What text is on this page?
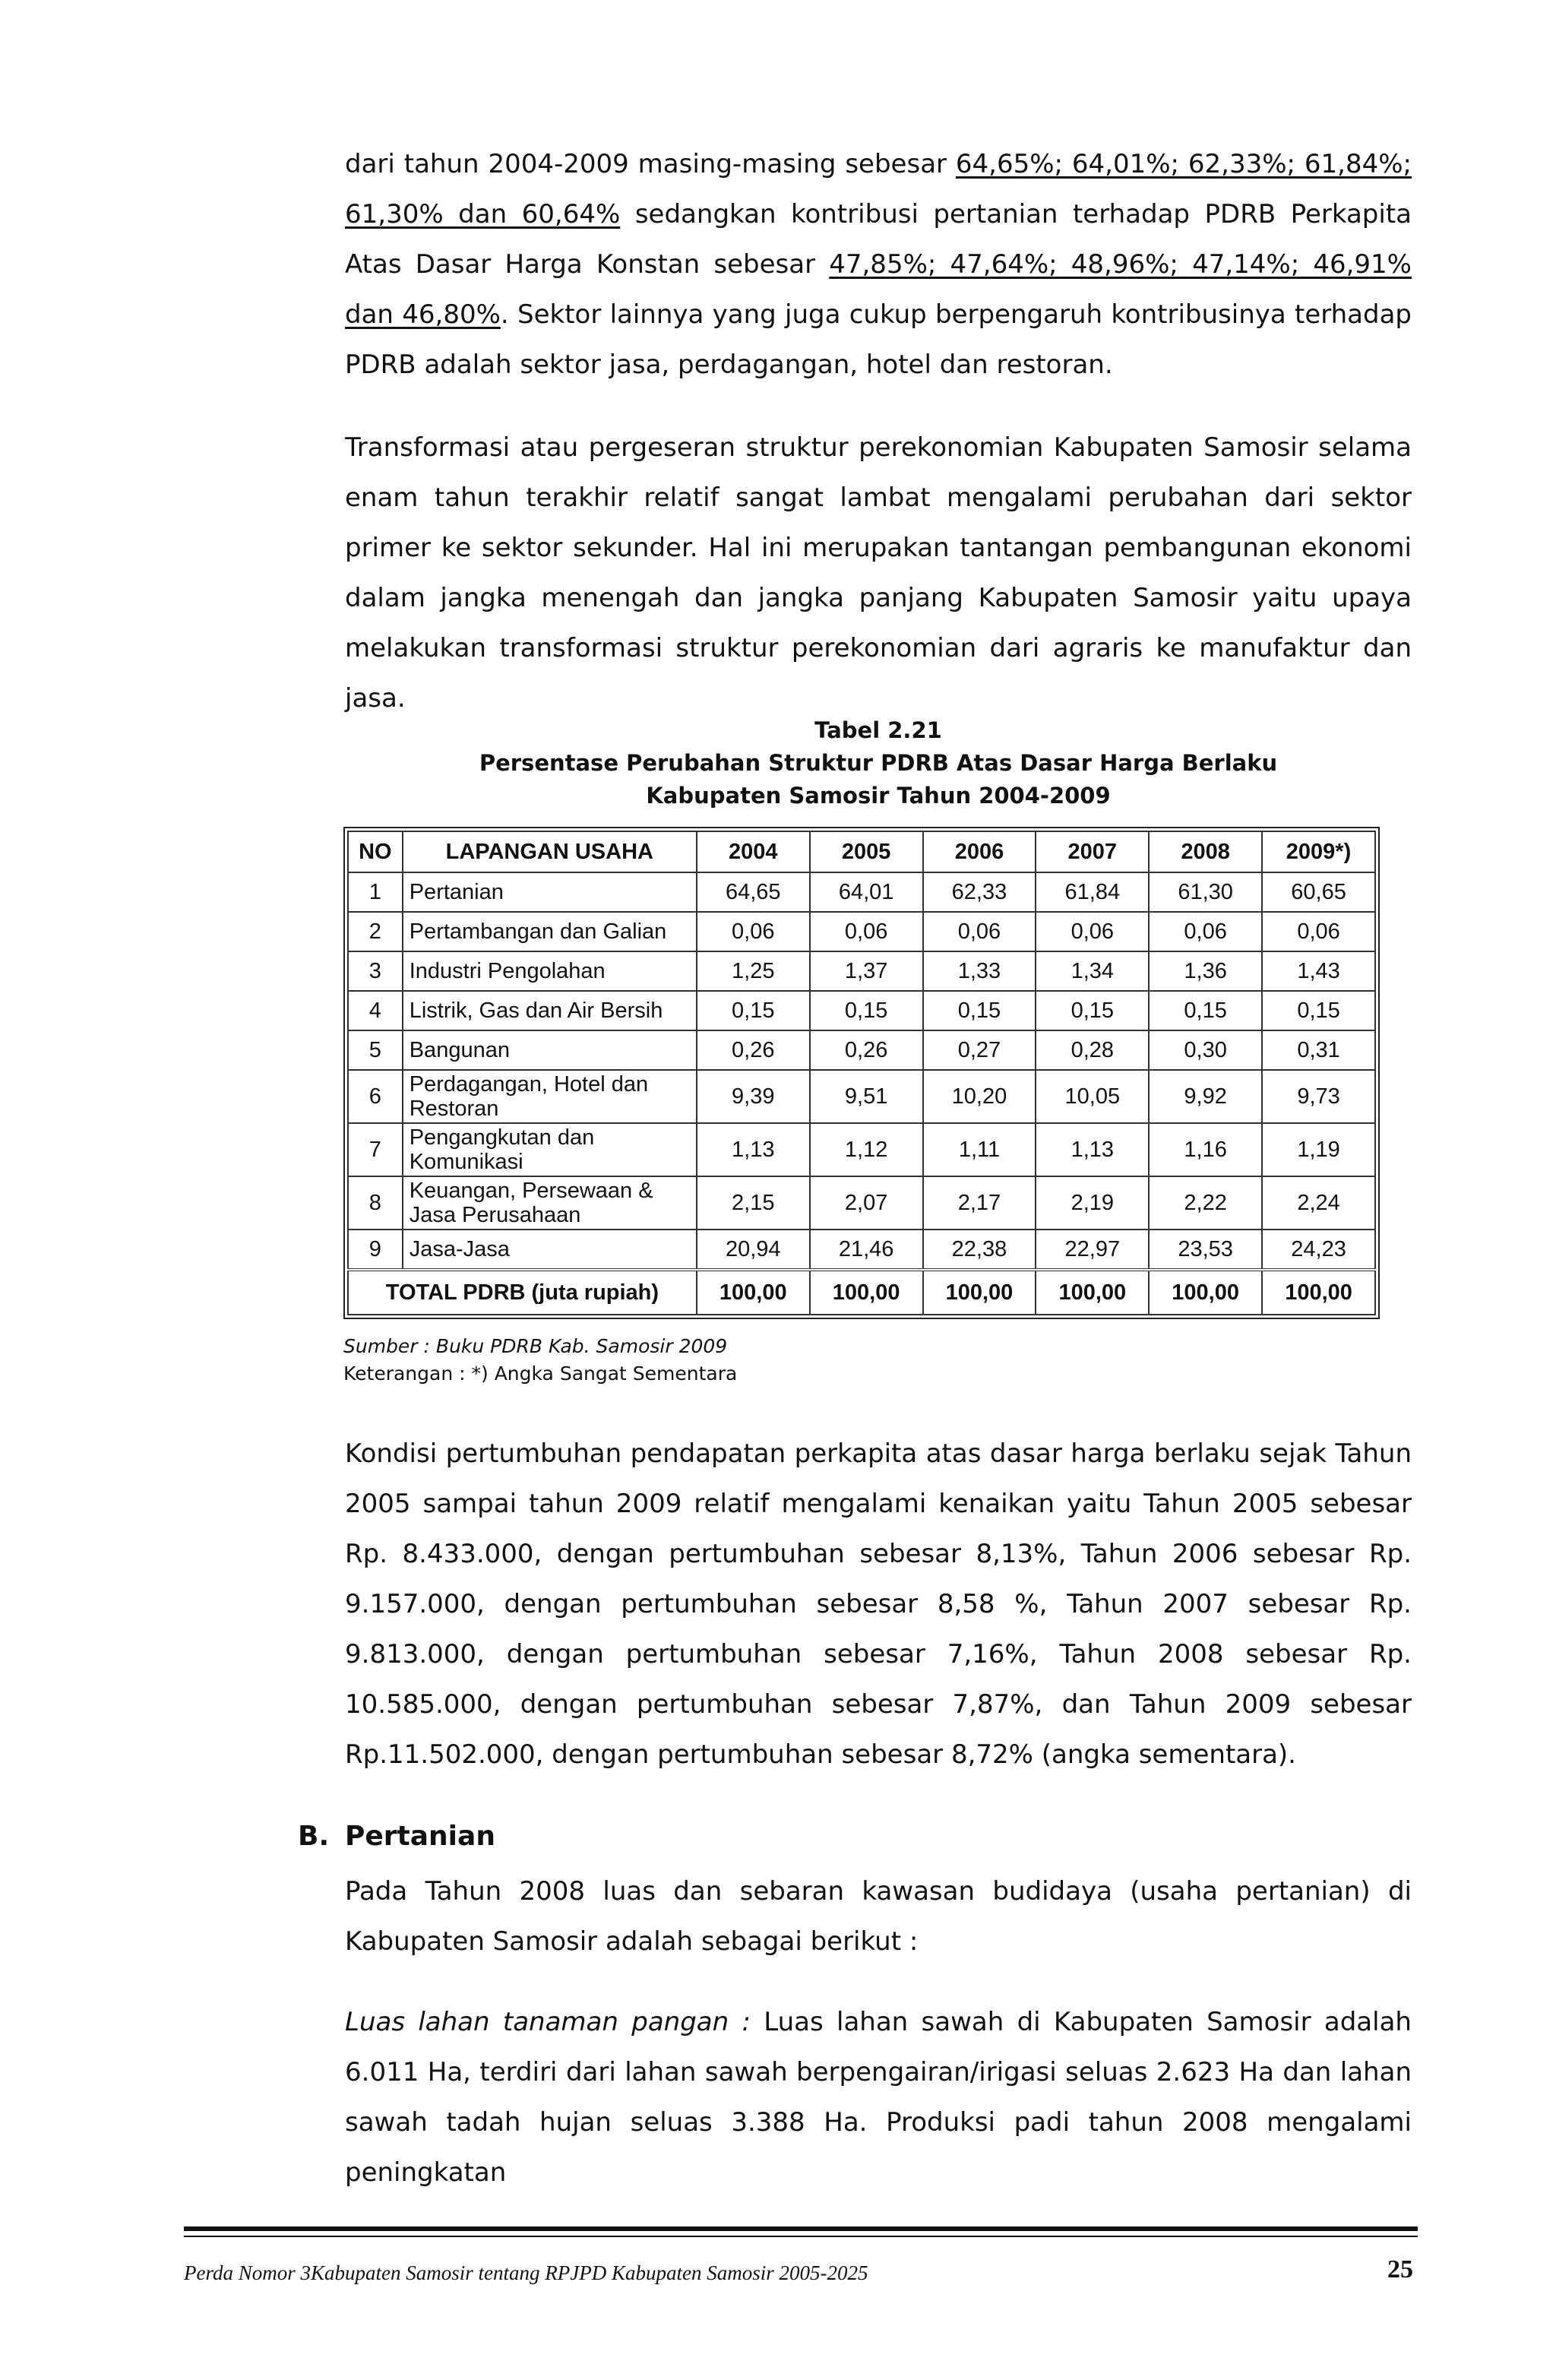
dari tahun 2004-2009 masing-masing sebesar 64,65%; 64,01%; 62,33%; 61,84%; 61,30% dan 60,64% sedangkan kontribusi pertanian terhadap PDRB Perkapita Atas Dasar Harga Konstan sebesar 47,85%; 47,64%; 48,96%; 47,14%; 46,91% dan 46,80%. Sektor lainnya yang juga cukup berpengaruh kontribusinya terhadap PDRB adalah sektor jasa, perdagangan, hotel dan restoran.

Transformasi atau pergeseran struktur perekonomian Kabupaten Samosir selama enam tahun terakhir relatif sangat lambat mengalami perubahan dari sektor primer ke sektor sekunder. Hal ini merupakan tantangan pembangunan ekonomi dalam jangka menengah dan jangka panjang Kabupaten Samosir yaitu upaya melakukan transformasi struktur perekonomian dari agraris ke manufaktur dan jasa.

Tabel 2.21
Persentase Perubahan Struktur PDRB Atas Dasar Harga Berlaku
Kabupaten Samosir Tahun 2004-2009
NO	LAPANGAN USAHA	2004	2005	2006	2007	2008	2009*)
1	Pertanian	64,65	64,01	62,33	61,84	61,30	60,65
2	Pertambangan dan Galian	0,06	0,06	0,06	0,06	0,06	0,06
3	Industri Pengolahan	1,25	1,37	1,33	1,34	1,36	1,43
4	Listrik, Gas dan Air Bersih	0,15	0,15	0,15	0,15	0,15	0,15
5	Bangunan	0,26	0,26	0,27	0,28	0,30	0,31
6	Perdagangan, Hotel dan Restoran	9,39	9,51	10,20	10,05	9,92	9,73
7	Pengangkutan dan Komunikasi	1,13	1,12	1,11	1,13	1,16	1,19
8	Keuangan, Persewaan & Jasa Perusahaan	2,15	2,07	2,17	2,19	2,22	2,24
9	Jasa-Jasa	20,94	21,46	22,38	22,97	23,53	24,23
TOTAL PDRB (juta rupiah)		100,00	100,00	100,00	100,00	100,00	100,00
Sumber : Buku PDRB Kab. Samosir 2009
Keterangan : *) Angka Sangat Sementara

Kondisi pertumbuhan pendapatan perkapita atas dasar harga berlaku sejak Tahun 2005 sampai tahun 2009 relatif mengalami kenaikan yaitu Tahun 2005 sebesar Rp. 8.433.000, dengan pertumbuhan sebesar 8,13%, Tahun 2006 sebesar Rp. 9.157.000, dengan pertumbuhan sebesar 8,58 %, Tahun 2007 sebesar Rp. 9.813.000, dengan pertumbuhan sebesar 7,16%, Tahun 2008 sebesar Rp. 10.585.000, dengan pertumbuhan sebesar 7,87%, dan Tahun 2009 sebesar Rp.11.502.000, dengan pertumbuhan sebesar 8,72% (angka sementara).

B. Pertanian

Pada Tahun 2008 luas dan sebaran kawasan budidaya (usaha pertanian) di Kabupaten Samosir adalah sebagai berikut :

Luas lahan tanaman pangan : Luas lahan sawah di Kabupaten Samosir adalah 6.011 Ha, terdiri dari lahan sawah berpengairan/irigasi seluas 2.623 Ha dan lahan sawah tadah hujan seluas 3.388 Ha. Produksi padi tahun 2008 mengalami peningkatan

Perda Nomor 3Kabupaten Samosir tentang RPJPD Kabupaten Samosir 2005-2025	25
